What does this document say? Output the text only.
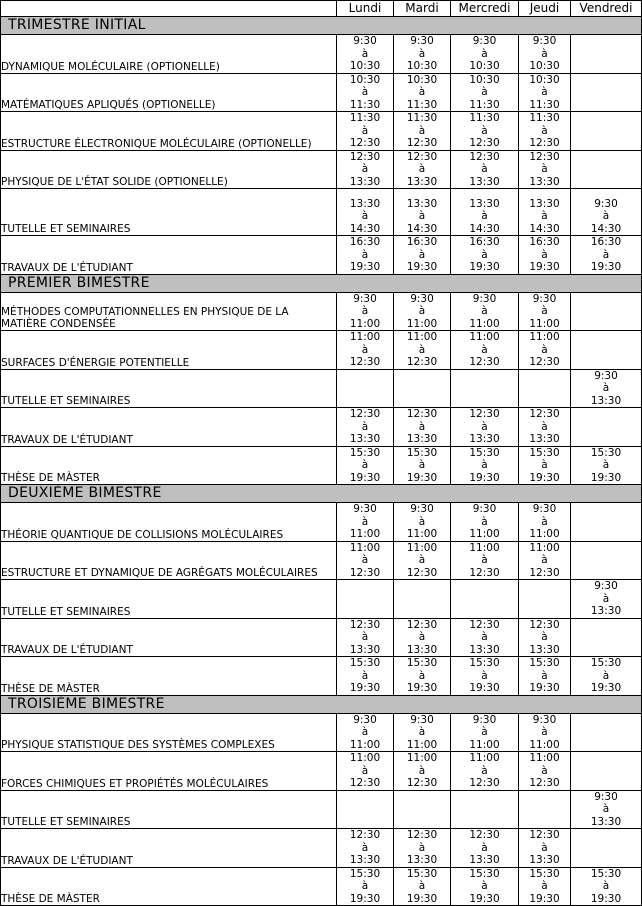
	Lundi	Mardi	Mercredi	Jeudi	Vendredi
TRIMESTRE INITIAL					
DYNAMIQUE MOLÉCULAIRE (OPTIONELLE)	9:30
à
10:30	9:30
à
10:30	9:30
à
10:30	9:30
à
10:30	

MATÉMATIQUES APLIQUÉS (OPTIONELLE)	10:30
à
11:30	10:30
à
11:30	10:30
à
11:30	10:30
à
11:30	

ESTRUCTURE ÉLECTRONIQUE MOLÉCULAIRE (OPTIONELLE)	11:30
à
12:30	11:30
à
12:30	11:30
à
12:30	11:30
à
12:30	

PHYSIQUE DE L'ÉTAT SOLIDE (OPTIONELLE)	12:30
à
13:30	12:30
à
13:30	12:30
à
13:30	12:30
à
13:30	

TUTELLE ET SEMINAIRES	13:30
à
14:30	13:30
à
14:30	13:30
à
14:30	13:30
à
14:30	9:30
à
14:30

TRAVAUX DE L'ÉTUDIANT	16:30
à
19:30	16:30
à
19:30	16:30
à
19:30	16:30
à
19:30	16:30
à
19:30

PREMIER BIMESTRE					
MÉTHODES COMPUTATIONNELLES EN PHYSIQUE DE LA MATIÈRE CONDENSÉE	9:30
à
11:00	9:30
à
11:00	9:30
à
11:00	9:30
à
11:00	

SURFACES D'ÉNERGIE POTENTIELLE	11:00
à
12:30	11:00
à
12:30	11:00
à
12:30	11:00
à
12:30	

TUTELLE ET SEMINAIRES					9:30
à
13:30

TRAVAUX DE L'ÉTUDIANT	12:30
à
13:30	12:30
à
13:30	12:30
à
13:30	12:30
à
13:30	

THÈSE DE MÀSTER	15:30
à
19:30	15:30
à
19:30	15:30
à
19:30	15:30
à
19:30	15:30
à
19:30

DEUXIÈME BIMESTRE					
THÉORIE QUANTIQUE DE COLLISIONS MOLÉCULAIRES	9:30
à
11:00	9:30
à
11:00	9:30
à
11:00	9:30
à
11:00	

ESTRUCTURE ET DYNAMIQUE DE AGRÉGATS MOLÉCULAIRES	11:00
à
12:30	11:00
à
12:30	11:00
à
12:30	11:00
à
12:30	

TUTELLE ET SEMINAIRES					9:30
à
13:30

TRAVAUX DE L'ÉTUDIANT	12:30
à
13:30	12:30
à
13:30	12:30
à
13:30	12:30
à
13:30	

THÈSE DE MÀSTER	15:30
à
19:30	15:30
à
19:30	15:30
à
19:30	15:30
à
19:30	15:30
à
19:30

TROISIÈME BIMESTRE					
PHYSIQUE STATISTIQUE DES SYSTÈMES COMPLEXES	9:30
à
11:00	9:30
à
11:00	9:30
à
11:00	9:30
à
11:00	

FORCES CHIMIQUES ET PROPIÉTÉS MOLÉCULAIRES	11:00
à
12:30	11:00
à
12:30	11:00
à
12:30	11:00
à
12:30	

TUTELLE ET SEMINAIRES					9:30
à
13:30

TRAVAUX DE L'ÉTUDIANT	12:30
à
13:30	12:30
à
13:30	12:30
à
13:30	12:30
à
13:30	

THÈSE DE MÀSTER	15:30
à
19:30	15:30
à
19:30	15:30
à
19:30	15:30
à
19:30	15:30
à
19:30
